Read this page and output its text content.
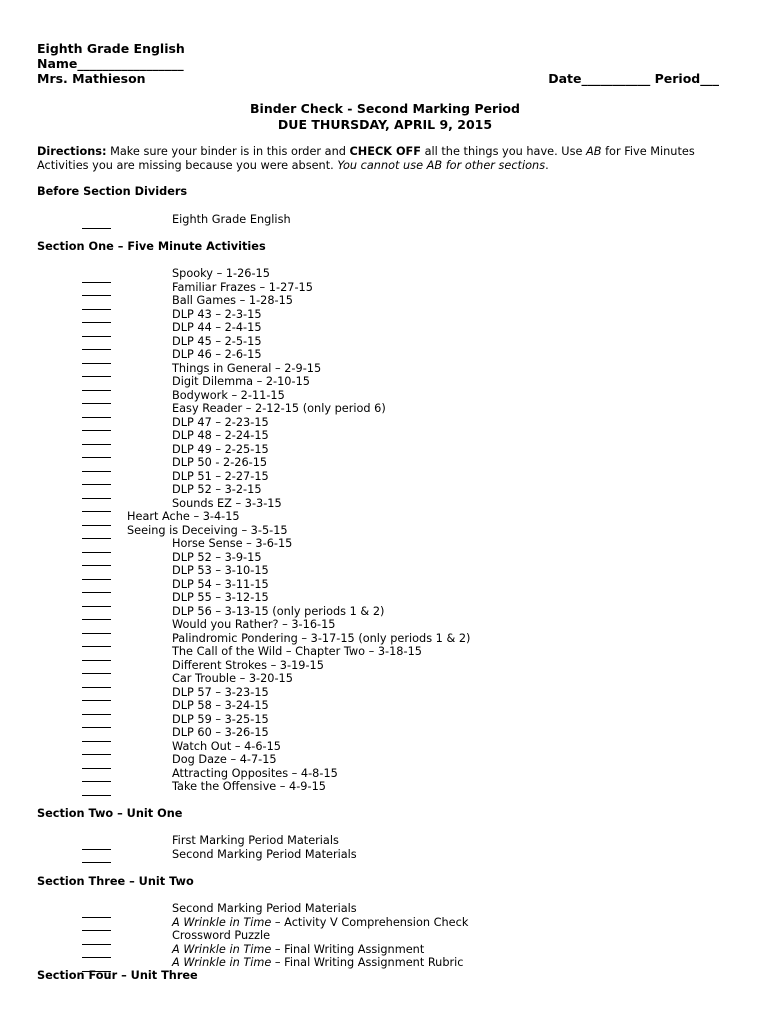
Eighth Grade English
Name_________________
Mrs. Mathieson	Date___________ Period___
Binder Check - Second Marking Period
DUE THURSDAY, APRIL 9, 2015
Directions: Make sure your binder is in this order and CHECK OFF all the things you have. Use AB for Five Minutes Activities you are missing because you were absent. You cannot use AB for other sections.
Before Section Dividers
Eighth Grade English
Section One – Five Minute Activities
Spooky – 1-26-15
Familiar Frazes – 1-27-15
Ball Games – 1-28-15
DLP 43 – 2-3-15
DLP 44 – 2-4-15
DLP 45 – 2-5-15
DLP 46 – 2-6-15
Things in General – 2-9-15
Digit Dilemma – 2-10-15
Bodywork – 2-11-15
Easy Reader – 2-12-15 (only period 6)
DLP 47 – 2-23-15
DLP 48 – 2-24-15
DLP 49 – 2-25-15
DLP 50 - 2-26-15
DLP 51 – 2-27-15
DLP 52 – 3-2-15
Sounds EZ – 3-3-15
Heart Ache – 3-4-15
Seeing is Deceiving – 3-5-15
Horse Sense – 3-6-15
DLP 52 – 3-9-15
DLP 53 – 3-10-15
DLP 54 – 3-11-15
DLP 55 – 3-12-15
DLP 56 – 3-13-15 (only periods 1 & 2)
Would you Rather? – 3-16-15
Palindromic Pondering – 3-17-15 (only periods 1 & 2)
The Call of the Wild – Chapter Two – 3-18-15
Different Strokes – 3-19-15
Car Trouble – 3-20-15
DLP 57 – 3-23-15
DLP 58 – 3-24-15
DLP 59 – 3-25-15
DLP 60 – 3-26-15
Watch Out – 4-6-15
Dog Daze – 4-7-15
Attracting Opposites – 4-8-15
Take the Offensive – 4-9-15
Section Two – Unit One
First Marking Period Materials
Second Marking Period Materials
Section Three – Unit Two
Second Marking Period Materials
A Wrinkle in Time – Activity V Comprehension Check
Crossword Puzzle
A Wrinkle in Time – Final Writing Assignment
A Wrinkle in Time – Final Writing Assignment Rubric
Section Four – Unit Three
